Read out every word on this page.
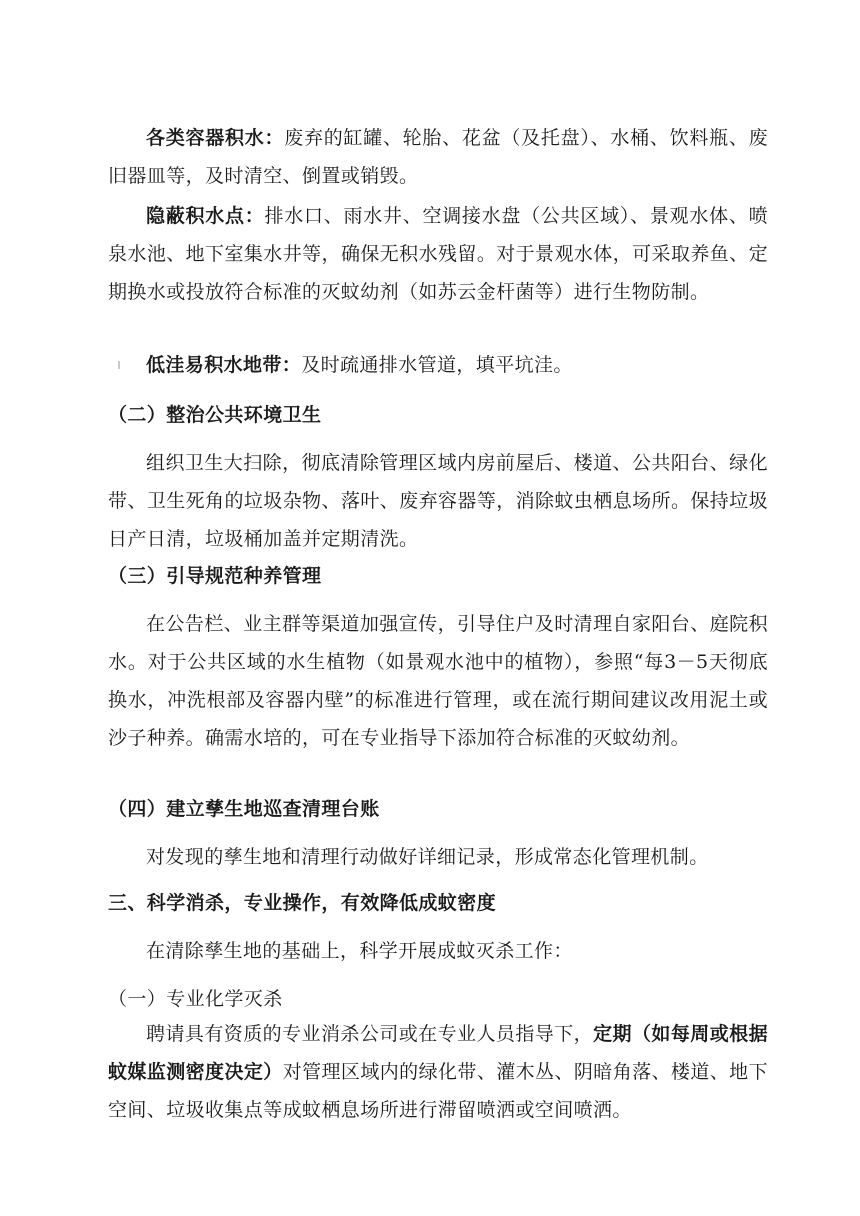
各类容器积水：废弃的缸罐、轮胎、花盆（及托盘）、水桶、饮料瓶、废旧器皿等，及时清空、倒置或销毁。

隐蔽积水点：排水口、雨水井、空调接水盘（公共区域）、景观水体、喷泉水池、地下室集水井等，确保无积水残留。对于景观水体，可采取养鱼、定期换水或投放符合标准的灭蚊幼剂（如苏云金杆菌等）进行生物防制。

低洼易积水地带：及时疏通排水管道，填平坑洼。

（二）整治公共环境卫生

组织卫生大扫除，彻底清除管理区域内房前屋后、楼道、公共阳台、绿化带、卫生死角的垃圾杂物、落叶、废弃容器等，消除蚊虫栖息场所。保持垃圾日产日清，垃圾桶加盖并定期清洗。

（三）引导规范种养管理

在公告栏、业主群等渠道加强宣传，引导住户及时清理自家阳台、庭院积水。对于公共区域的水生植物（如景观水池中的植物），参照“每3－5天彻底换水，冲洗根部及容器内壁”的标准进行管理，或在流行期间建议改用泥土或沙子种养。确需水培的，可在专业指导下添加符合标准的灭蚊幼剂。

（四）建立孳生地巡查清理台账

对发现的孳生地和清理行动做好详细记录，形成常态化管理机制。

三、科学消杀，专业操作，有效降低成蚊密度

在清除孳生地的基础上，科学开展成蚊灭杀工作：

（一）专业化学灭杀

聘请具有资质的专业消杀公司或在专业人员指导下，定期（如每周或根据蚊媒监测密度决定）对管理区域内的绿化带、灌木丛、阴暗角落、楼道、地下空间、垃圾收集点等成蚊栖息场所进行滞留喷洒或空间喷洒。
